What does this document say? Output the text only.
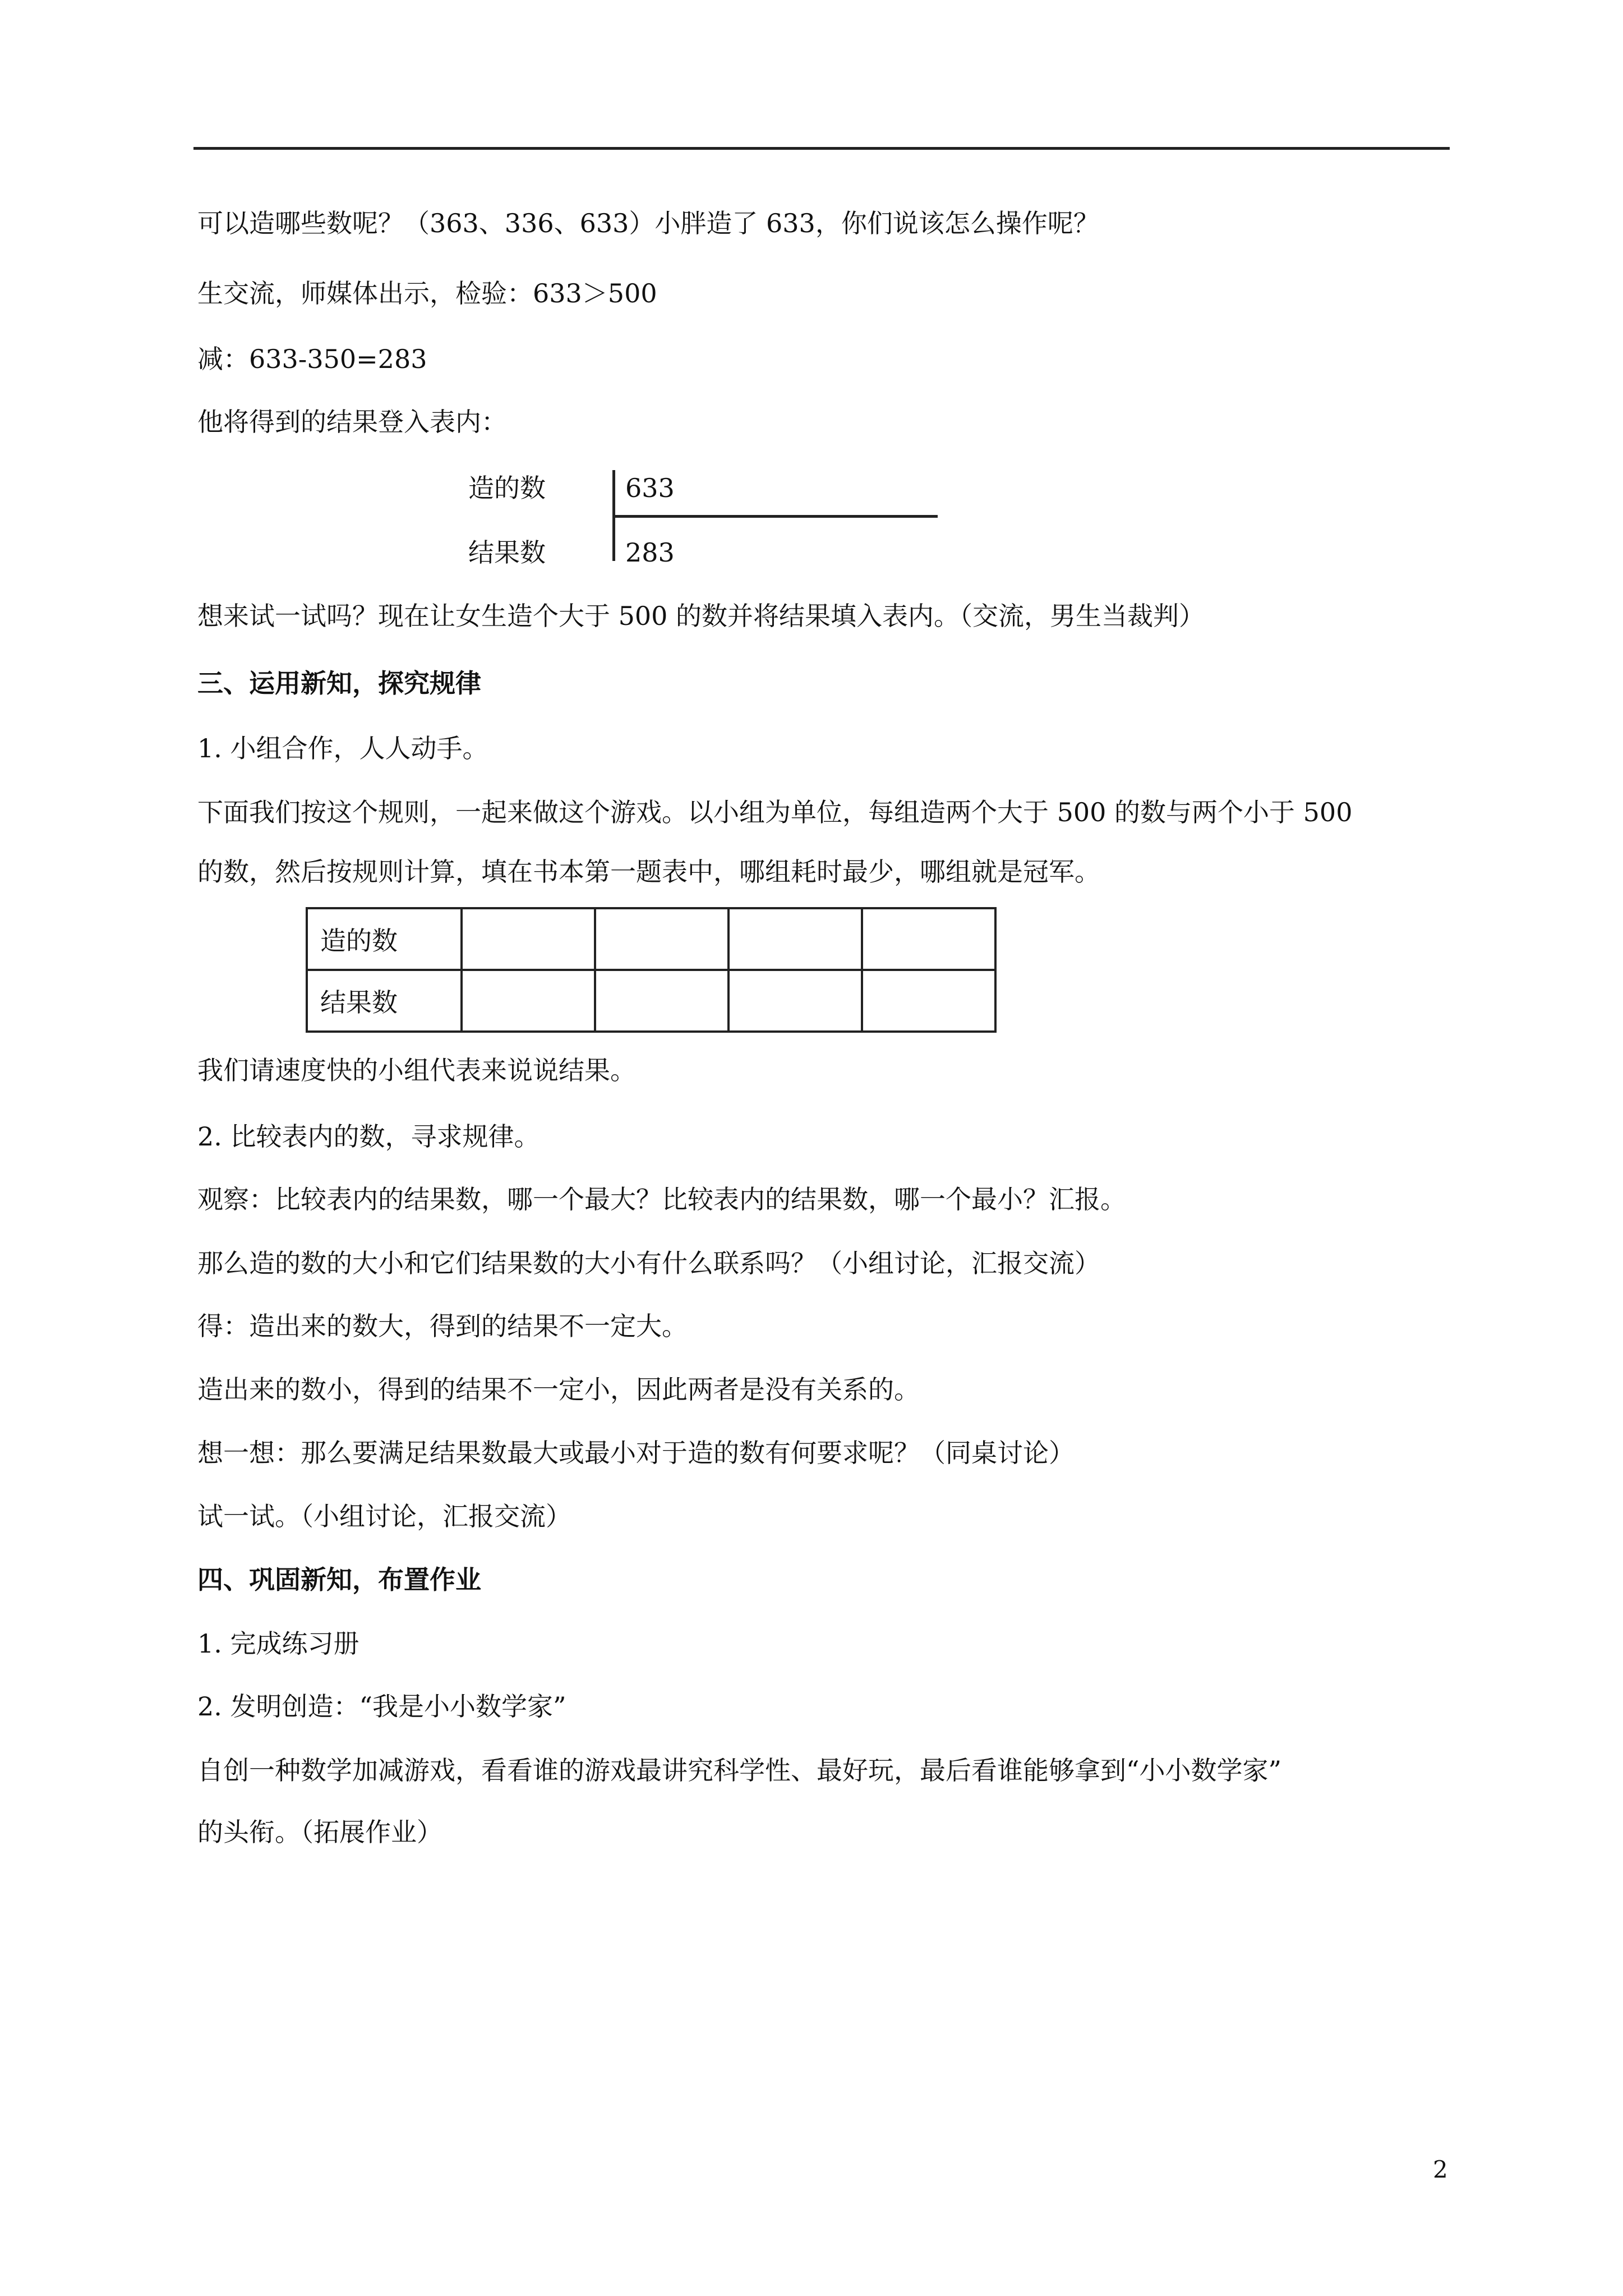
可以造哪些数呢？（363、336、633）小胖造了 633，你们说该怎么操作呢？
生交流，师媒体出示，检验：633＞500
减：633-350=283
他将得到的结果登入表内：
造的数	633
结果数	283
想来试一试吗？现在让女生造个大于 500 的数并将结果填入表内。（交流，男生当裁判）
三、运用新知，探究规律
1. 小组合作，人人动手。
下面我们按这个规则，一起来做这个游戏。以小组为单位，每组造两个大于 500 的数与两个小于 500
的数，然后按规则计算，填在书本第一题表中，哪组耗时最少，哪组就是冠军。
造的数				
结果数				
我们请速度快的小组代表来说说结果。
2. 比较表内的数，寻求规律。
观察：比较表内的结果数，哪一个最大？比较表内的结果数，哪一个最小？汇报。
那么造的数的大小和它们结果数的大小有什么联系吗？（小组讨论，汇报交流）
得：造出来的数大，得到的结果不一定大。
造出来的数小，得到的结果不一定小，因此两者是没有关系的。
想一想：那么要满足结果数最大或最小对于造的数有何要求呢？（同桌讨论）
试一试。（小组讨论，汇报交流）
四、巩固新知，布置作业
1. 完成练习册
2. 发明创造：“我是小小数学家”
自创一种数学加减游戏，看看谁的游戏最讲究科学性、最好玩，最后看谁能够拿到“小小数学家”
的头衔。（拓展作业）
2
